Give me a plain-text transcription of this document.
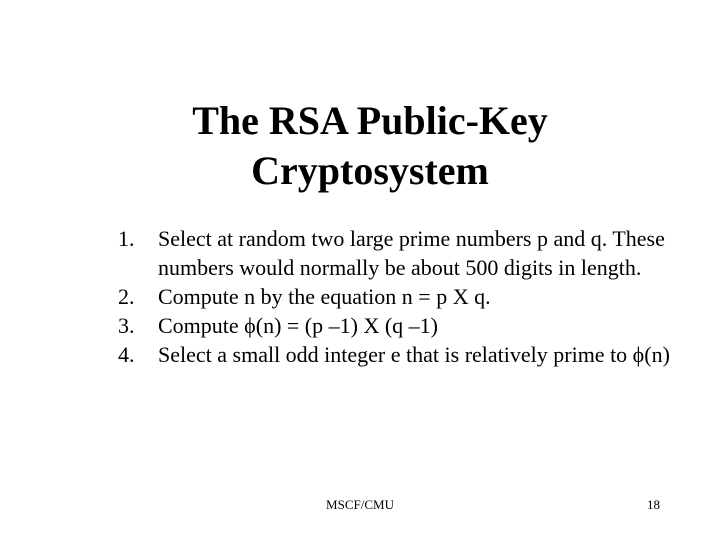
The RSA Public-Key
Cryptosystem
1. Select at random two large prime numbers p and q. These numbers would normally be about 500 digits in length.
2. Compute n by the equation n = p X q.
3. Compute ϕ(n) = (p –1) X (q –1)
4. Select a small odd integer e that is relatively prime to ϕ(n)
MSCF/CMU	18
